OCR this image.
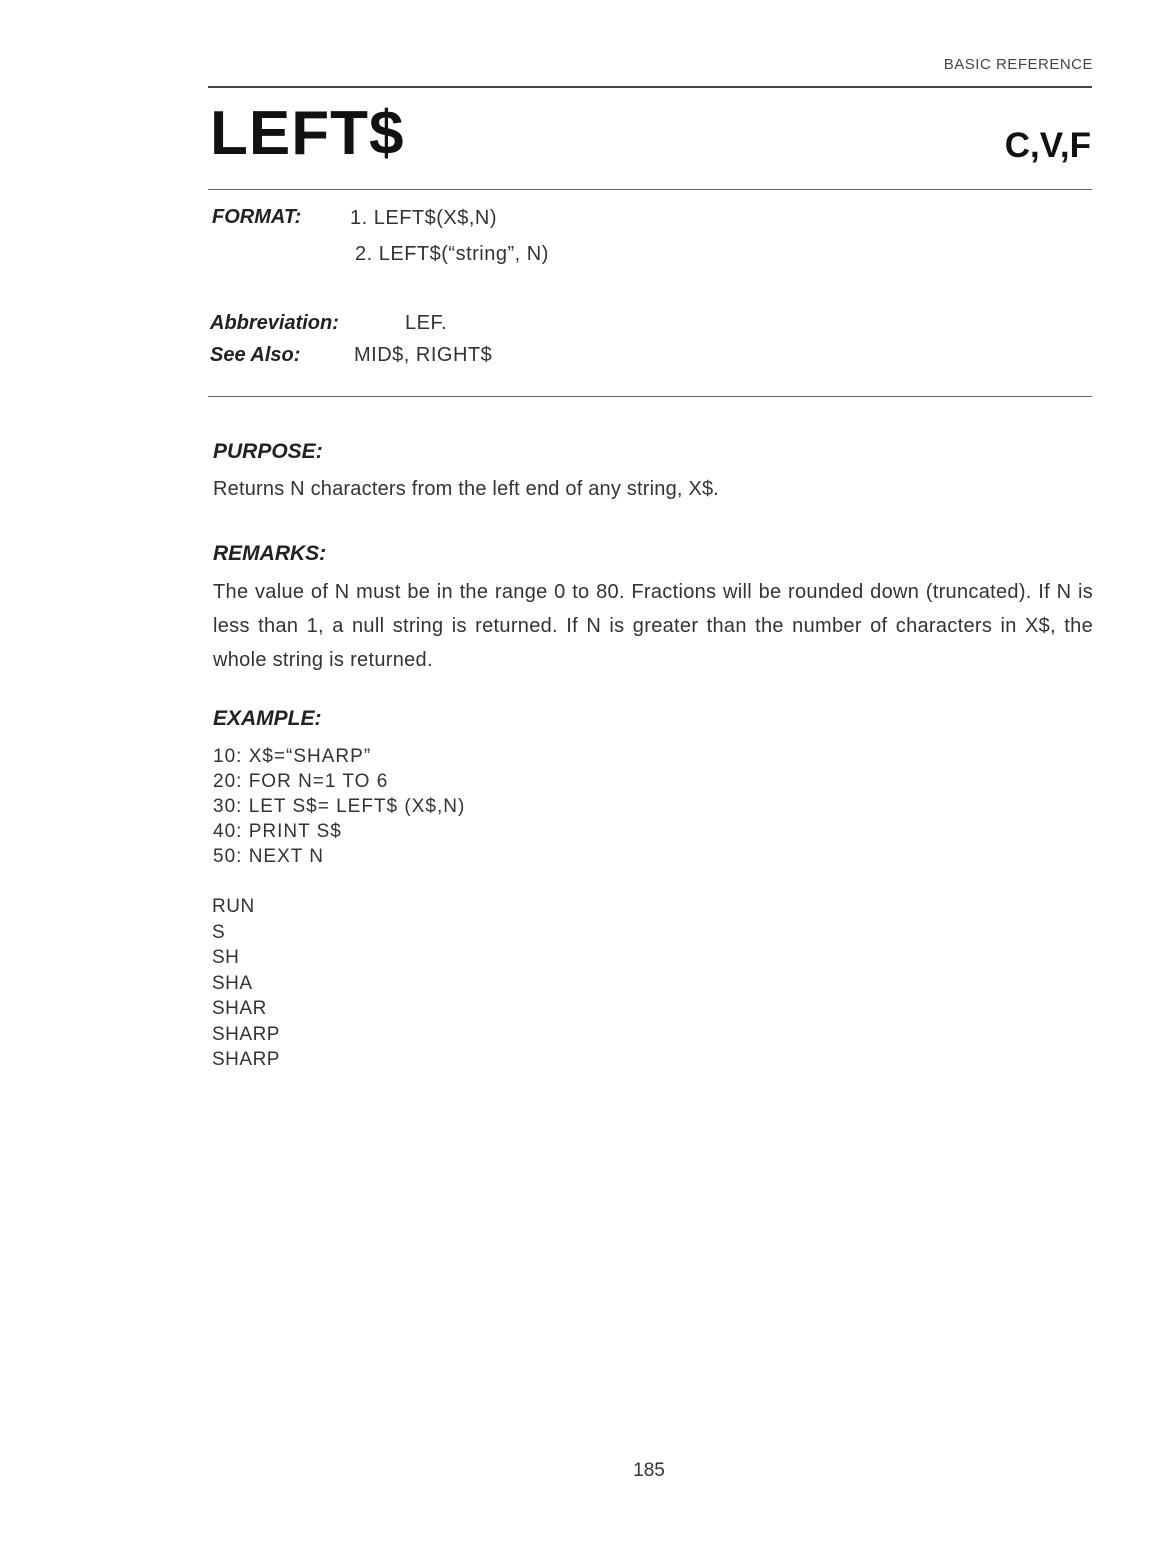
BASIC REFERENCE
LEFT$	C,V,F
FORMAT: 1. LEFT$(X$,N)
2. LEFT$(“string”, N)
Abbreviation:	LEF.
See Also:	MID$, RIGHT$
PURPOSE:
Returns N characters from the left end of any string, X$.
REMARKS:
The value of N must be in the range 0 to 80. Fractions will be rounded down (truncated). If N is less than 1, a null string is returned. If N is greater than the number of characters in X$, the whole string is returned.
EXAMPLE:
10: X$=“SHARP”
20: FOR N=1 TO 6
30: LET S$= LEFT$ (X$,N)
40: PRINT S$
50: NEXT N
RUN
S
SH
SHA
SHAR
SHARP
SHARP
185
